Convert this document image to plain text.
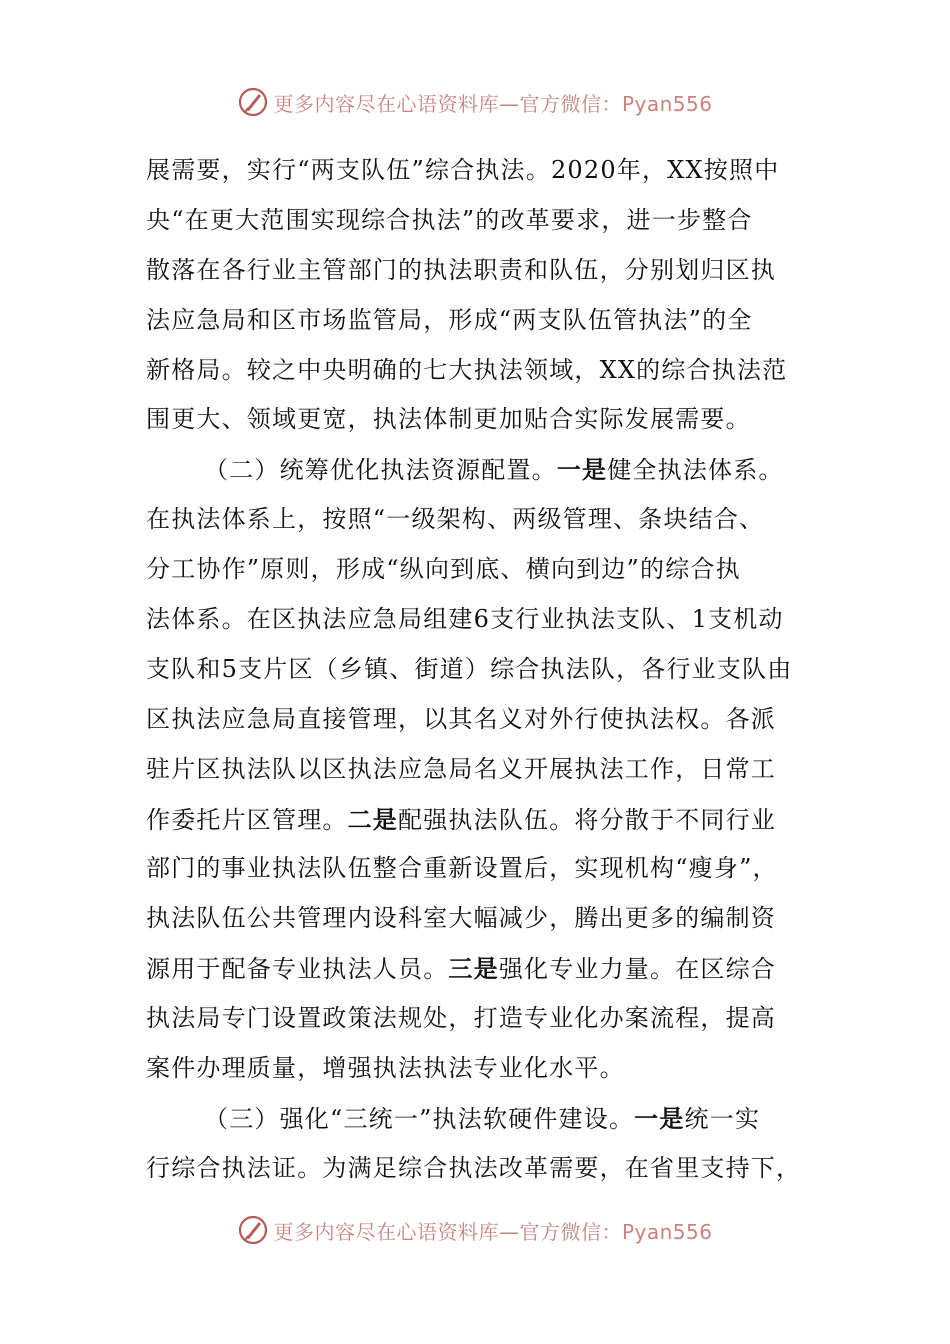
更多内容尽在心语资料库—官方微信：Pyan556
展需要，实行“两支队伍”综合执法。2020年，XX按照中
央“在更大范围实现综合执法”的改革要求，进一步整合
散落在各行业主管部门的执法职责和队伍，分别划归区执
法应急局和区市场监管局，形成“两支队伍管执法”的全
新格局。较之中央明确的七大执法领域，XX的综合执法范
围更大、领域更宽，执法体制更加贴合实际发展需要。
（二）统筹优化执法资源配置。一是健全执法体系。
在执法体系上，按照“一级架构、两级管理、条块结合、
分工协作”原则，形成“纵向到底、横向到边”的综合执
法体系。在区执法应急局组建6支行业执法支队、1支机动
支队和5支片区（乡镇、街道）综合执法队，各行业支队由
区执法应急局直接管理，以其名义对外行使执法权。各派
驻片区执法队以区执法应急局名义开展执法工作，日常工
作委托片区管理。二是配强执法队伍。将分散于不同行业
部门的事业执法队伍整合重新设置后，实现机构“瘦身”，
执法队伍公共管理内设科室大幅减少，腾出更多的编制资
源用于配备专业执法人员。三是强化专业力量。在区综合
执法局专门设置政策法规处，打造专业化办案流程，提高
案件办理质量，增强执法执法专业化水平。
（三）强化“三统一”执法软硬件建设。一是统一实
行综合执法证。为满足综合执法改革需要，在省里支持下，
更多内容尽在心语资料库—官方微信：Pyan556
